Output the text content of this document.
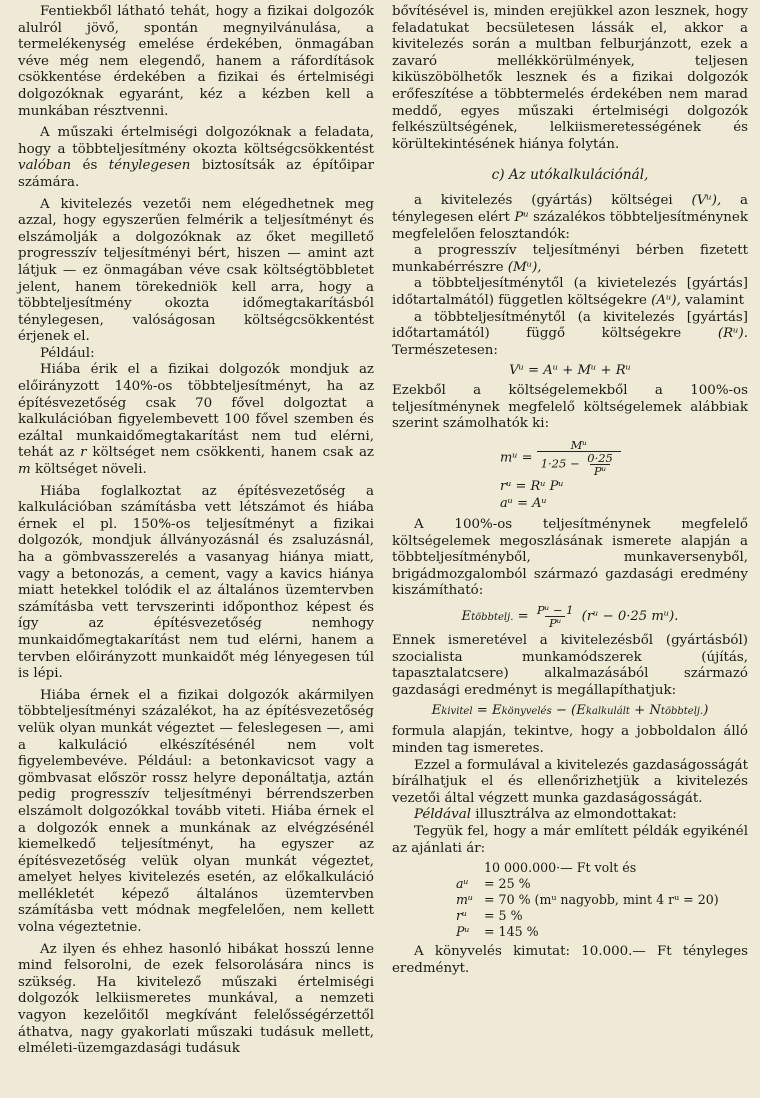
Fentiekből látható tehát, hogy a fizikai dolgozók alulról jövő, spontán megnyilvánulása, a termelékenység emelése érdekében, önmagában véve még nem elegendő, hanem a ráfordítások csökkentése érdekében a fizikai és értelmiségi dolgozóknak egyaránt, kéz a kézben kell a munkában résztvenni.

A műszaki értelmiségi dolgozóknak a feladata, hogy a többteljesítmény okozta költségcsökkentést valóban és ténylegesen biztosítsák az építőipar számára.

A kivitelezés vezetői nem elégedhetnek meg azzal, hogy egyszerűen felmérik a teljesítményt és elszámolják a dolgozóknak az őket megillető progresszív teljesítményi bért, hiszen — amint azt látjuk — ez önmagában véve csak költségtöbbletet jelent, hanem törekedniök kell arra, hogy a többteljesítmény okozta időmegtakarításból ténylegesen, valóságosan költségcsökkentést érjenek el.

Például:

Hiába érik el a fizikai dolgozók mondjuk az előirányzott 140%-os többteljesítményt, ha az építésvezetőség csak 70 fővel dolgoztat a kalkulációban figyelembevett 100 fővel szemben és ezáltal munkaidőmegtakarítást nem tud elérni, tehát az r költséget nem csökkenti, hanem csak az m költséget növeli.

Hiába foglalkoztat az építésvezetőség a kalkulációban számításba vett létszámot és hiába érnek el pl. 150%-os teljesítményt a fizikai dolgozók, mondjuk állványozásnál és zsaluzásnál, ha a gömbvasszerelés a vasanyag hiánya miatt, vagy a betonozás, a cement, vagy a kavics hiánya miatt hetekkel tolódik el az általános üzemtervben számításba vett tervszerinti időponthoz képest és így az építésvezetőség nemhogy munkaidőmegtakarítást nem tud elérni, hanem a tervben előirányzott munkaidőt még lényegesen túl is lépi.

Hiába érnek el a fizikai dolgozók akármilyen többteljesítményi százalékot, ha az építésvezetőség velük olyan munkát végeztet — feleslegesen —, ami a kalkuláció elkészítésénél nem volt figyelembevéve. Például: a betonkavicsot vagy a gömbvasat először rossz helyre deponáltatja, aztán pedig progresszív teljesítményi bérrendszerben elszámolt dolgozókkal tovább viteti. Hiába érnek el a dolgozók ennek a munkának az elvégzésénél kiemelkedő teljesítményt, ha egyszer az építésvezetőség velük olyan munkát végeztet, amelyet helyes kivitelezés esetén, az előkalkuláció mellékletét képező általános üzemtervben számításba vett módnak megfelelően, nem kellett volna végeztetnie.

Az ilyen és ehhez hasonló hibákat hosszú lenne mind felsorolni, de ezek felsorolására nincs is szükség. Ha kivitelező műszaki értelmiségi dolgozók lelkiismeretes munkával, a nemzeti vagyon kezelőitől megkívánt felelősségérzettől áthatva, nagy gyakorlati műszaki tudásuk mellett, elméleti-üzemgazdasági tudásuk

bővítésével is, minden erejükkel azon lesznek, hogy feladatukat becsületesen lássák el, akkor a kivitelezés során a multban felburjánzott, ezek a zavaró mellékkörülmények, teljesen kiküszöbölhetők lesznek és a fizikai dolgozók erőfeszítése a többtermelés érdekében nem marad meddő, egyes műszaki értelmiségi dolgozók felkészültségének, lelkiismeretességének és körültekintésének hiánya folytán.

c) Az utókalkulációnál,

a kivitelezés (gyártás) költségei (Vᵘ), a ténylegesen elért Pᵘ százalékos többteljesítménynek megfelelően felosztandók:

a progresszív teljesítményi bérben fizetett munkabérrészre (Mᵘ),

a többteljesítménytől (a kivietelezés [gyártás] időtartalmától) független költségekre (Aᵘ), valamint

a többteljesítménytől (a kivitelezés [gyártás] időtartamától) függő költségekre	(Rᵘ). Természetesen:

Vᵘ = Aᵘ + Mᵘ + Rᵘ

Ezekből a költségelemekből a 100%-os teljesítménynek megfelelő költségelemek alábbiak szerint számolhatók ki:

mᵘ = $\frac{\text{Mᵘ}}{1\cdot 25 - \frac{0\cdot 25}{\text{Pᵘ}}}$
rᵘ = Rᵘ Pᵘ
aᵘ = Aᵘ

A 100%-os teljesítménynek megfelelő költségelemek megoszlásának ismerete alapján a többteljesítményből, munkaversenyből, brigádmozgalomból származó gazdasági eredmény kiszámítható:

Etöbbtelj. = $\frac{\text{Pᵘ − 1}}{\text{Pᵘ}}$ (rᵘ − 0·25 mᵘ).

Ennek ismeretével a kivitelezésből (gyártásból) szocialista munkamódszerek (újítás, tapasztalatcsere) alkalmazásából származó gazdasági eredményt is megállapíthatjuk:

Ekivitel = Ekönyvelés − (Ekalkulált + Ntöbbtelj.)

formula alapján, tekintve, hogy a jobboldalon álló minden tag ismeretes.

Ezzel a formulával a kivitelezés gazdaságosságát bírálhatjuk el és ellenőrizhetjük a kivitelezés vezetői által végzett munka gazdaságosságát.

Példával illusztrálva az elmondottakat:

Tegyük fel, hogy a már említett példák egyikénél az ajánlati ár:

10 000.000·— Ft volt és
aᵘ = 25 %
mᵘ = 70 % (mᵘ nagyobb, mint 4 rᵘ = 20)
rᵘ = 5 %
Pᵘ = 145 %

A könyvelés kimutat: 10.000.— Ft tényleges eredményt.
